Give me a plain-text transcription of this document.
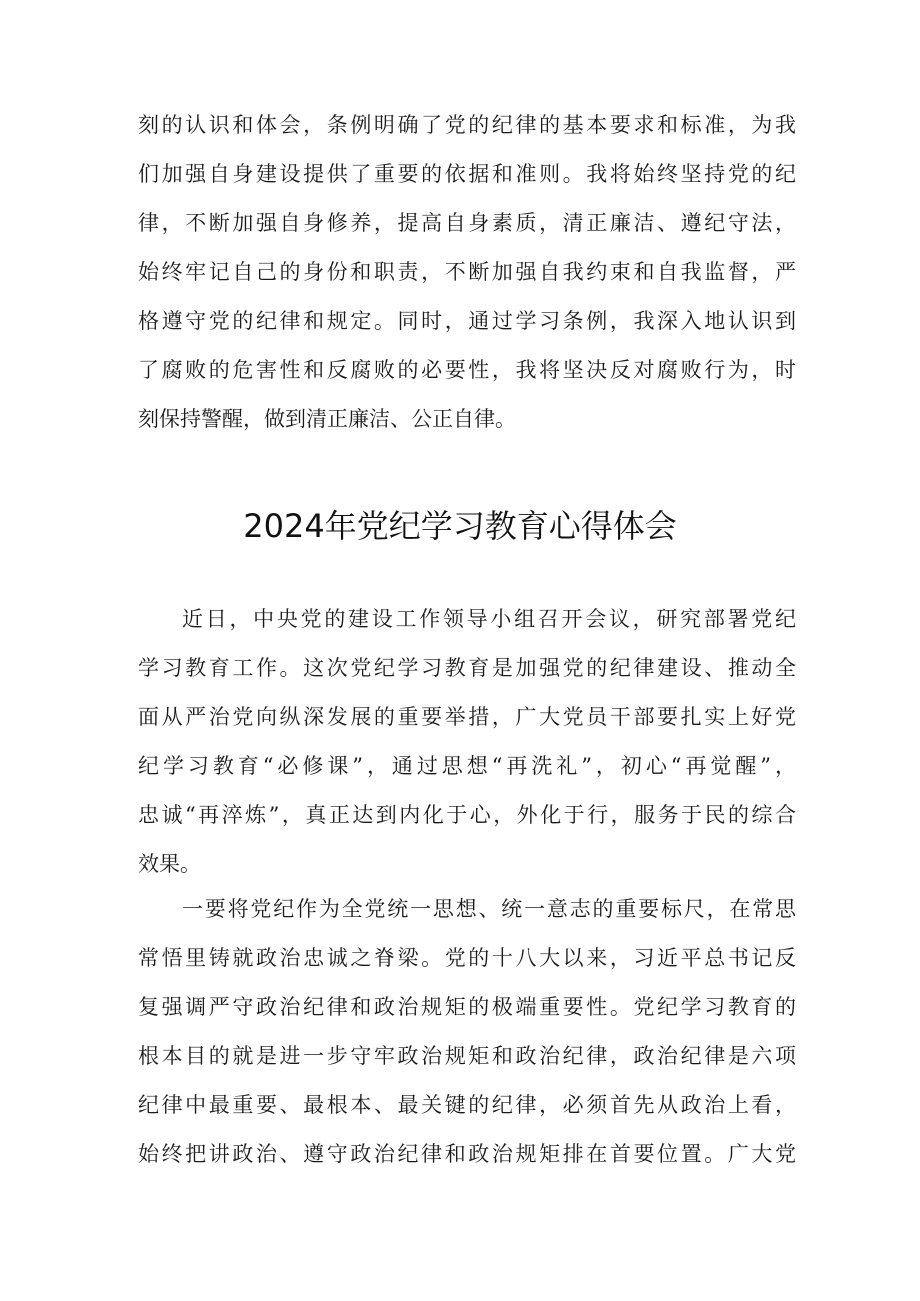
刻的认识和体会，条例明确了党的纪律的基本要求和标准，为我
们加强自身建设提供了重要的依据和准则。我将始终坚持党的纪
律，不断加强自身修养，提高自身素质，清正廉洁、遵纪守法，
始终牢记自己的身份和职责，不断加强自我约束和自我监督，严
格遵守党的纪律和规定。同时，通过学习条例，我深入地认识到
了腐败的危害性和反腐败的必要性，我将坚决反对腐败行为，时
刻保持警醒，做到清正廉洁、公正自律。
2024年党纪学习教育心得体会
近日，中央党的建设工作领导小组召开会议，研究部署党纪
学习教育工作。这次党纪学习教育是加强党的纪律建设、推动全
面从严治党向纵深发展的重要举措，广大党员干部要扎实上好党
纪学习教育“必修课”，通过思想“再洗礼”，初心“再觉醒”，
忠诚“再淬炼”，真正达到内化于心，外化于行，服务于民的综合
效果。
一要将党纪作为全党统一思想、统一意志的重要标尺，在常思
常悟里铸就政治忠诚之脊梁。党的十八大以来，习近平总书记反
复强调严守政治纪律和政治规矩的极端重要性。党纪学习教育的
根本目的就是进一步守牢政治规矩和政治纪律，政治纪律是六项
纪律中最重要、最根本、最关键的纪律，必须首先从政治上看，
始终把讲政治、遵守政治纪律和政治规矩排在首要位置。广大党
